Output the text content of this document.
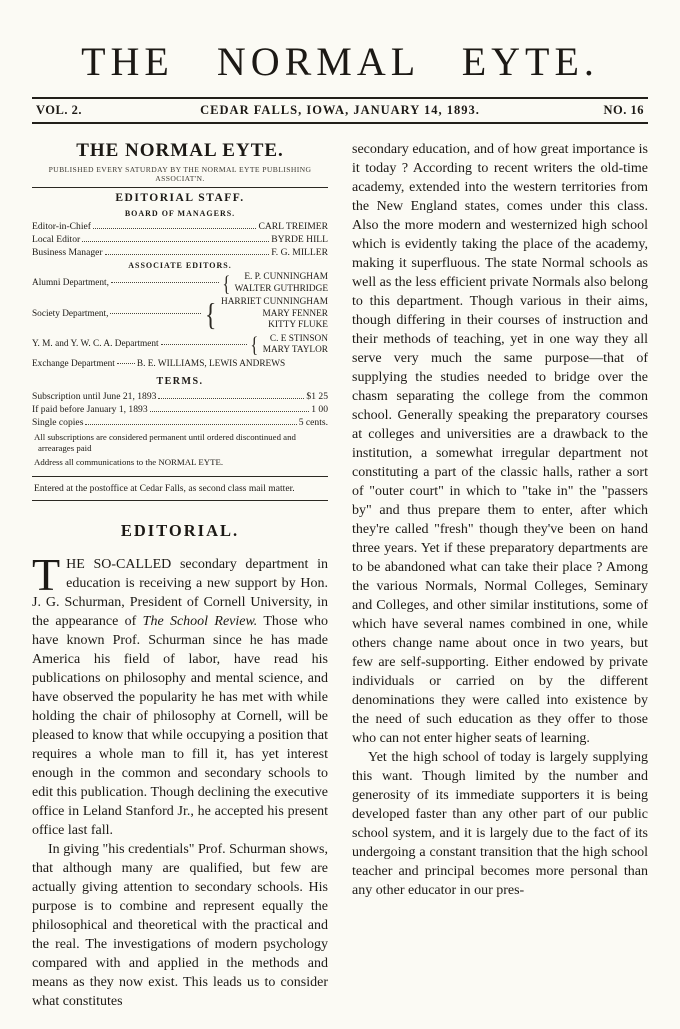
THE NORMAL EYTE.
VOL. 2.	CEDAR FALLS, IOWA, JANUARY 14, 1893.	NO. 16
THE NORMAL EYTE.
PUBLISHED EVERY SATURDAY BY THE NORMAL EYTE PUBLISHING ASSOCIAT'N.
EDITORIAL STAFF.
BOARD OF MANAGERS.
Editor-in-Chief	CARL TREIMER
Local Editor	BYRDE HILL
Business Manager	F. G. MILLER
ASSOCIATE EDITORS.
Alumni Department,	{ E. P. CUNNINGHAM
WALTER GUTHRIDGE
Society Department,	{ HARRIET CUNNINGHAM
MARY FENNER
KITTY FLUKE
Y. M. and Y. W. C. A. Department	{ C. E STINSON
MARY TAYLOR
Exchange Department B. E. WILLIAMS, LEWIS ANDREWS
TERMS.
Subscription until June 21, 1893	$1 25
If paid before January 1, 1893	1 00
Single copies	5 cents.
All subscriptions are considered permanent until ordered discontinued and arrearages paid
Address all communications to the NORMAL EYTE.
Entered at the postoffice at Cedar Falls, as second class mail matter.
EDITORIAL.

THE SO-CALLED secondary department in education is receiving a new support by Hon. J. G. Schurman, President of Cornell University, in the appearance of The School Review. Those who have known Prof. Schurman since he has made America his field of labor, have read his publications on philosophy and mental science, and have observed the popularity he has met with while holding the chair of philosophy at Cornell, will be pleased to know that while occupying a position that requires a whole man to fill it, has yet interest enough in the common and secondary schools to edit this publication. Though declining the executive office in Leland Stanford Jr., he accepted his present office last fall.

In giving "his credentials" Prof. Schurman shows, that although many are qualified, but few are actually giving attention to secondary schools. His purpose is to combine and represent equally the philosophical and theoretical with the practical and the real. The investigations of modern psychology compared with and applied in the methods and means as they now exist. This leads us to consider what constitutes

secondary education, and of how great importance is it today ? According to recent writers the old-time academy, extended into the western territories from the New England states, comes under this class. Also the more modern and westernized high school which is evidently taking the place of the academy, making it superfluous. The state Normal schools as well as the less efficient private Normals also belong to this department. Though various in their aims, though differing in their courses of instruction and their methods of teaching, yet in one way they all serve very much the same purpose—that of supplying the studies needed to bridge over the chasm separating the college from the common school. Generally speaking the preparatory courses at colleges and universities are a drawback to the institution, a somewhat irregular department not constituting a part of the classic halls, rather a sort of "outer court" in which to "take in" the "passers by" and thus prepare them to enter, after which they're called "fresh" though they've been on hand three years. Yet if these preparatory departments are to be abandoned what can take their place ? Among the various Normals, Normal Colleges, Seminary and Colleges, and other similar institutions, some of which have several names combined in one, while others change name about once in two years, but few are self-supporting. Either endowed by private individuals or carried on by the different denominations they were called into existence by the need of such education as they offer to those who can not enter higher seats of learning.

Yet the high school of today is largely supplying this want. Though limited by the number and generosity of its immediate supporters it is being developed faster than any other part of our public school system, and it is largely due to the fact of its undergoing a constant transition that the high school teacher and principal becomes more personal than any other educator in our pres-
